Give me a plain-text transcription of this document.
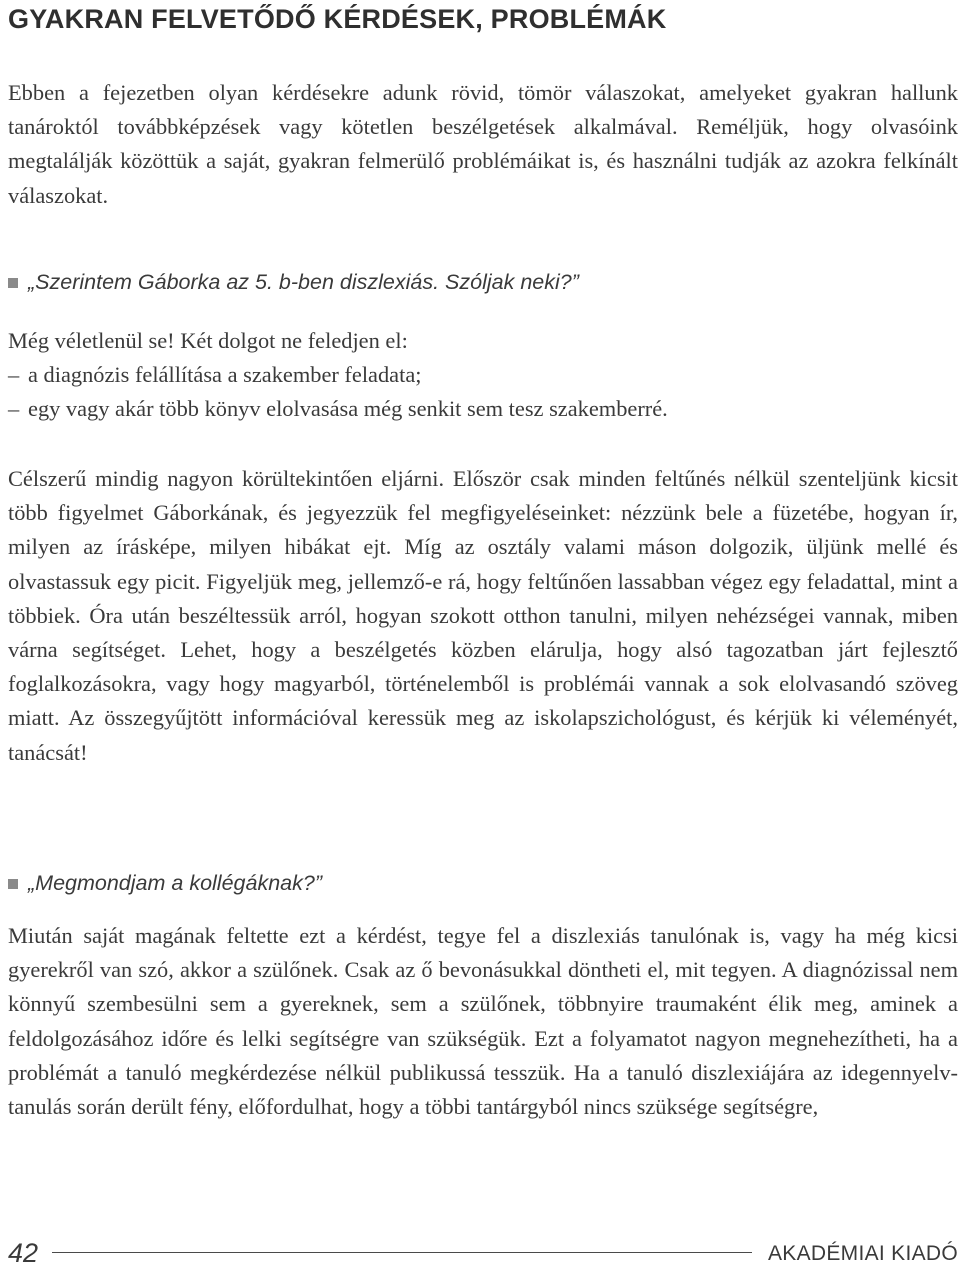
GYAKRAN FELVETŐDŐ KÉRDÉSEK, PROBLÉMÁK

Ebben a fejezetben olyan kérdésekre adunk rövid, tömör válaszokat, amelyeket gyakran hallunk tanároktól továbbképzések vagy kötetlen beszélgetések alkalmával. Reméljük, hogy olvasóink megtalálják közöttük a saját, gyakran felmerülő problémáikat is, és használni tudják az azokra felkínált válaszokat.

„Szerintem Gáborka az 5. b-ben diszlexiás. Szóljak neki?”
Még véletlenül se! Két dolgot ne feledjen el:
– a diagnózis felállítása a szakember feladata;
– egy vagy akár több könyv elolvasása még senkit sem tesz szakemberré.

Célszerű mindig nagyon körültekintően eljárni. Először csak minden feltűnés nélkül szenteljünk kicsit több figyelmet Gáborkának, és jegyezzük fel megfigyeléseinket: nézzünk bele a füzetébe, hogyan ír, milyen az írásképe, milyen hibákat ejt. Míg az osztály valami máson dolgozik, üljünk mellé és olvastassuk egy picit. Figyeljük meg, jellemző-e rá, hogy feltűnően lassabban végez egy feladattal, mint a többiek. Óra után beszéltessük arról, hogyan szokott otthon tanulni, milyen nehézségei vannak, miben várna segítséget. Lehet, hogy a beszélgetés közben elárulja, hogy alsó tagozatban járt fejlesztő foglalkozásokra, vagy hogy magyarból, történelemből is problémái vannak a sok elolvasandó szöveg miatt. Az összegyűjtött információval keressük meg az iskolapszichológust, és kérjük ki véleményét, tanácsát!

„Megmondjam a kollégáknak?”

Miután saját magának feltette ezt a kérdést, tegye fel a diszlexiás tanulónak is, vagy ha még kicsi gyerekről van szó, akkor a szülőnek. Csak az ő bevonásukkal döntheti el, mit tegyen. A diagnózissal nem könnyű szembesülni sem a gyereknek, sem a szülőnek, többnyire traumaként élik meg, aminek a feldolgozásához időre és lelki segítségre van szükségük. Ezt a folyamatot nagyon megnehezítheti, ha a problémát a tanuló megkérdezése nélkül publikussá tesszük. Ha a tanuló diszlexiájára az idegennyelv-tanulás során derült fény, előfordulhat, hogy a többi tantárgyból nincs szüksége segítségre,

42	AKADÉMIAI KIADÓ
